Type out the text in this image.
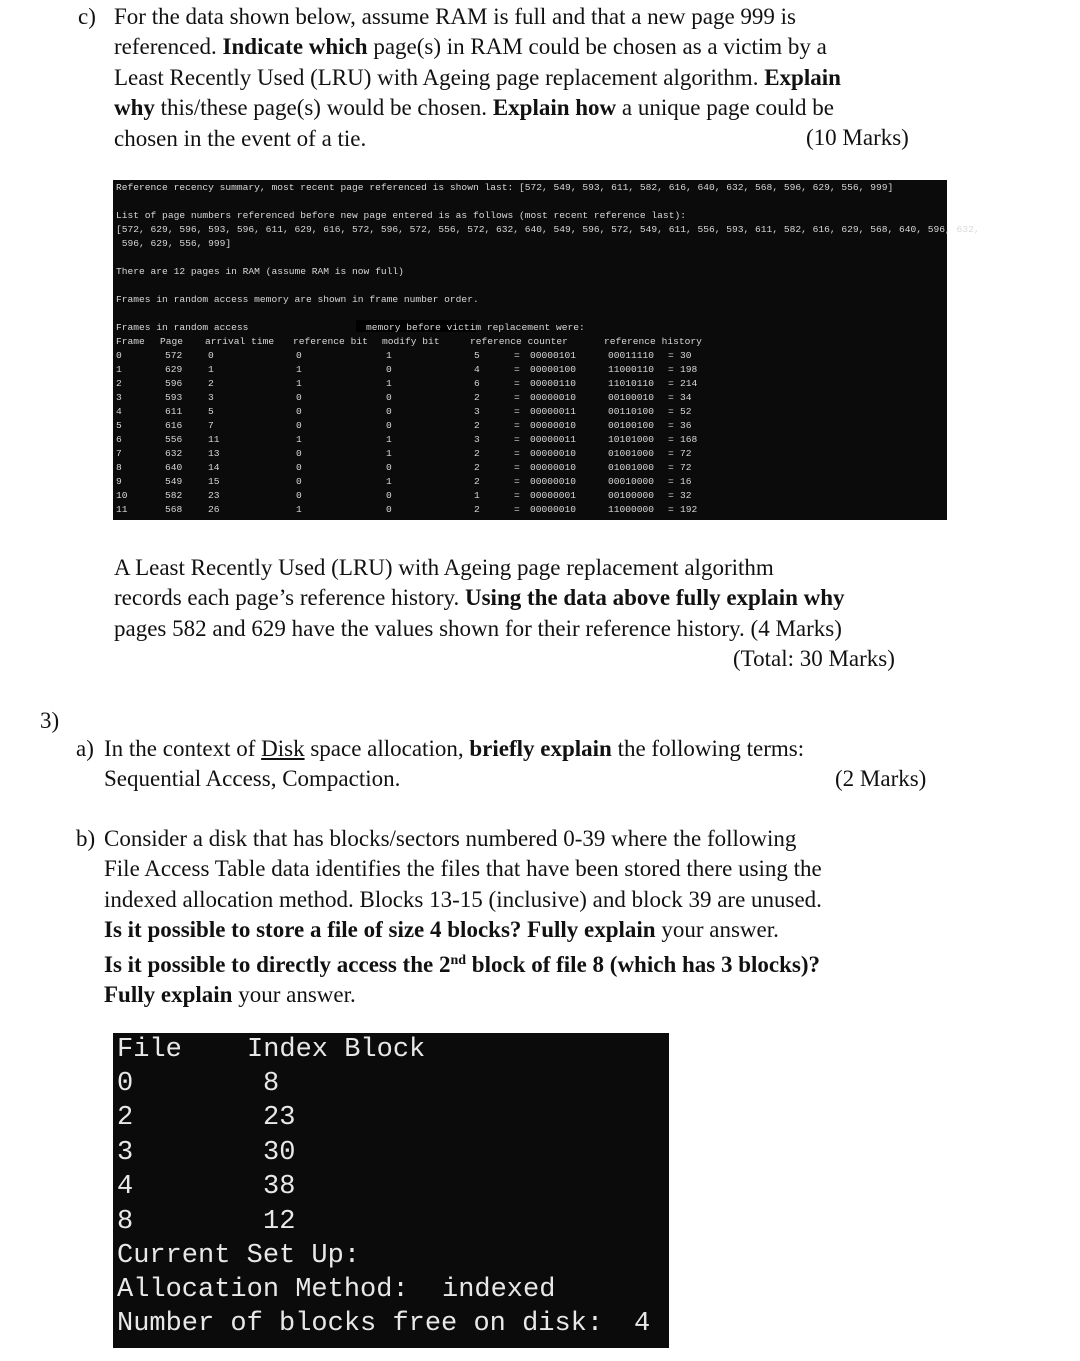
c) For the data shown below, assume RAM is full and that a new page 999 is
referenced. Indicate which page(s) in RAM could be chosen as a victim by a
Least Recently Used (LRU) with Ageing page replacement algorithm. Explain
why this/these page(s) would be chosen. Explain how a unique page could be
chosen in the event of a tie.	(10 Marks)
Reference recency summary, most recent page referenced is shown last: [572, 549, 593, 611, 582, 616, 640, 632, 568, 596, 629, 556, 999]
List of page numbers referenced before new page entered is as follows (most recent reference last):
[572, 629, 596, 593, 596, 611, 629, 616, 572, 596, 572, 556, 572, 632, 640, 549, 596, 572, 549, 611, 556, 593, 611, 582, 616, 629, 568, 640, 596, 632,
596, 629, 556, 999]
There are 12 pages in RAM (assume RAM is now full)
Frames in random access memory are shown in frame number order.
Frames in random access	memory before victim replacement were:
Frame Page arrival time reference bit modify bit	reference counter	reference history
0	572	0	0	1	5	= 00000101	00011110 = 30
1	629	1	1	0	4	= 00000100	11000110 = 198
2	596	2	1	1	6	= 00000110	11010110 = 214
3	593	3	0	0	2	= 00000010	00100010 = 34
4	611	5	0	0	3	= 00000011	00110100 = 52
5	616	7	0	0	2	= 00000010	00100100 = 36
6	556	11	1	1	3	= 00000011	10101000 = 168
7	632	13	0	1	2	= 00000010	01001000 = 72
8	640	14	0	0	2	= 00000010	01001000 = 72
9	549	15	0	1	2	= 00000010	00010000 = 16
10	582	23	0	0	1	= 00000001	00100000 = 32
11	568	26	1	0	2	= 00000010	11000000 = 192
A Least Recently Used (LRU) with Ageing page replacement algorithm
records each page’s reference history. Using the data above fully explain why
pages 582 and 629 have the values shown for their reference history. (4 Marks)
(Total: 30 Marks)
3)
a) In the context of Disk space allocation, briefly explain the following terms:
Sequential Access, Compaction.	(2 Marks)
b) Consider a disk that has blocks/sectors numbered 0-39 where the following
File Access Table data identifies the files that have been stored there using the
indexed allocation method. Blocks 13-15 (inclusive) and block 39 are unused.
Is it possible to store a file of size 4 blocks? Fully explain your answer.
Is it possible to directly access the 2nd block of file 8 (which has 3 blocks)?
Fully explain your answer.
File Index Block
0	8
2	23
3	30
4	38
8	12
Current Set Up:
Allocation Method: indexed
Number of blocks free on disk: 4
